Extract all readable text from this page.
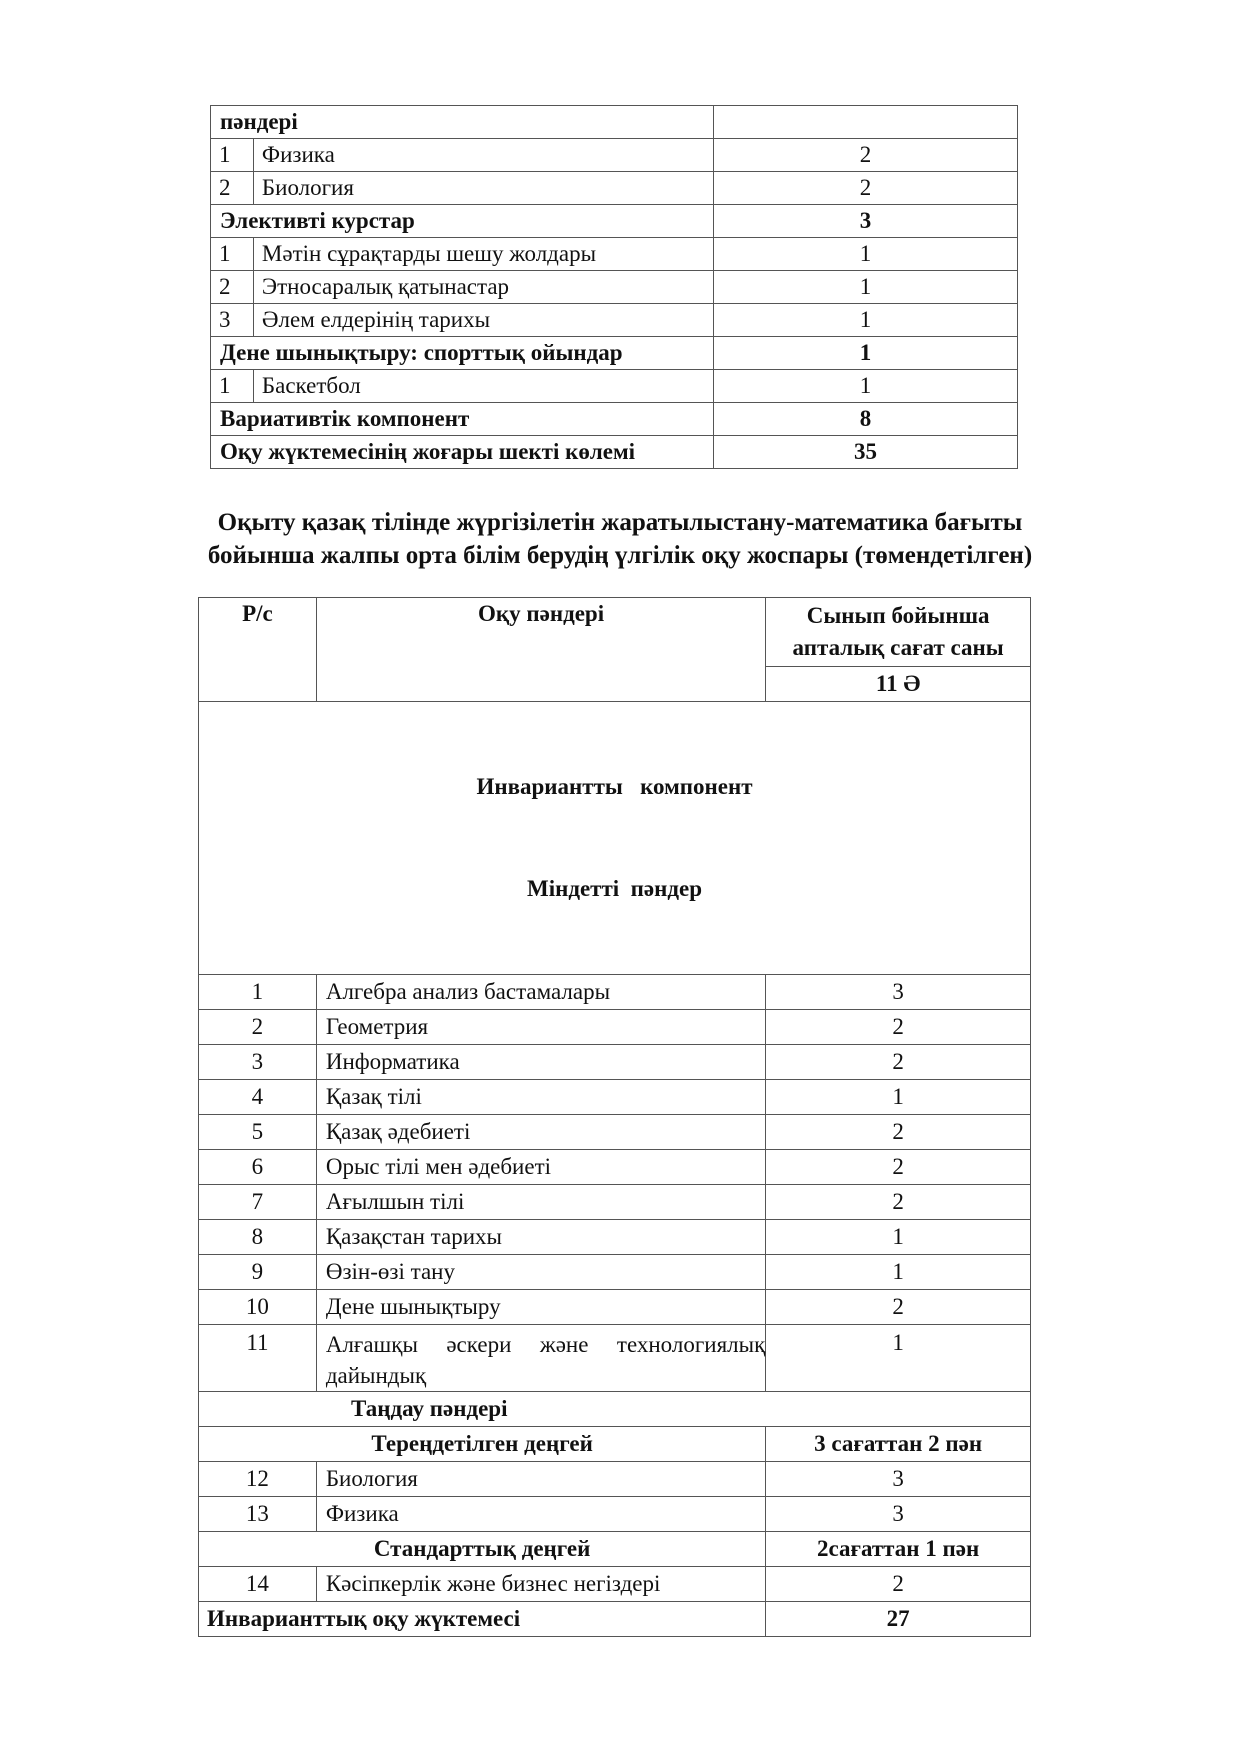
пәндері		
1	Физика	2
2	Биология	2
Элективті курстар		3
1	Мәтін сұрақтарды шешу жолдары	1
2	Этносаралық қатынастар	1
3	Әлем елдерінің тарихы	1
Дене шынықтыру: спорттық ойындар		1
1	Баскетбол	1
Вариативтік компонент		8
Оқу жүктемесінің жоғары шекті көлемі		35
Оқыту қазақ тілінде жүргізілетін жаратылыстану-математика бағыты
бойынша жалпы орта білім берудің үлгілік оқу жоспары (төмендетілген)
Р/с	Оқу пәндері	Сынып бойынша апталық сағат саны
		11 Ә

Инвариантты   компонент

Міндетті  пәндер		

1	Алгебра анализ бастамалары	3
2	Геометрия	2
3	Информатика	2
4	Қазақ тілі	1
5	Қазақ әдебиеті	2
6	Орыс тілі мен әдебиеті	2
7	Ағылшын тілі	2
8	Қазақстан тарихы	1
9	Өзін-өзі тану	1
10	Дене шынықтыру	2
11	Алғашқы әскери және технологиялық дайындық	1
Таңдау пәндері		
Тереңдетілген деңгей		3 сағаттан 2 пән
12	Биология	3
13	Физика	3
Стандарттық деңгей		2сағаттан 1 пән
14	Кәсіпкерлік және бизнес негіздері	2
Инварианттық оқу жүктемесі		27
